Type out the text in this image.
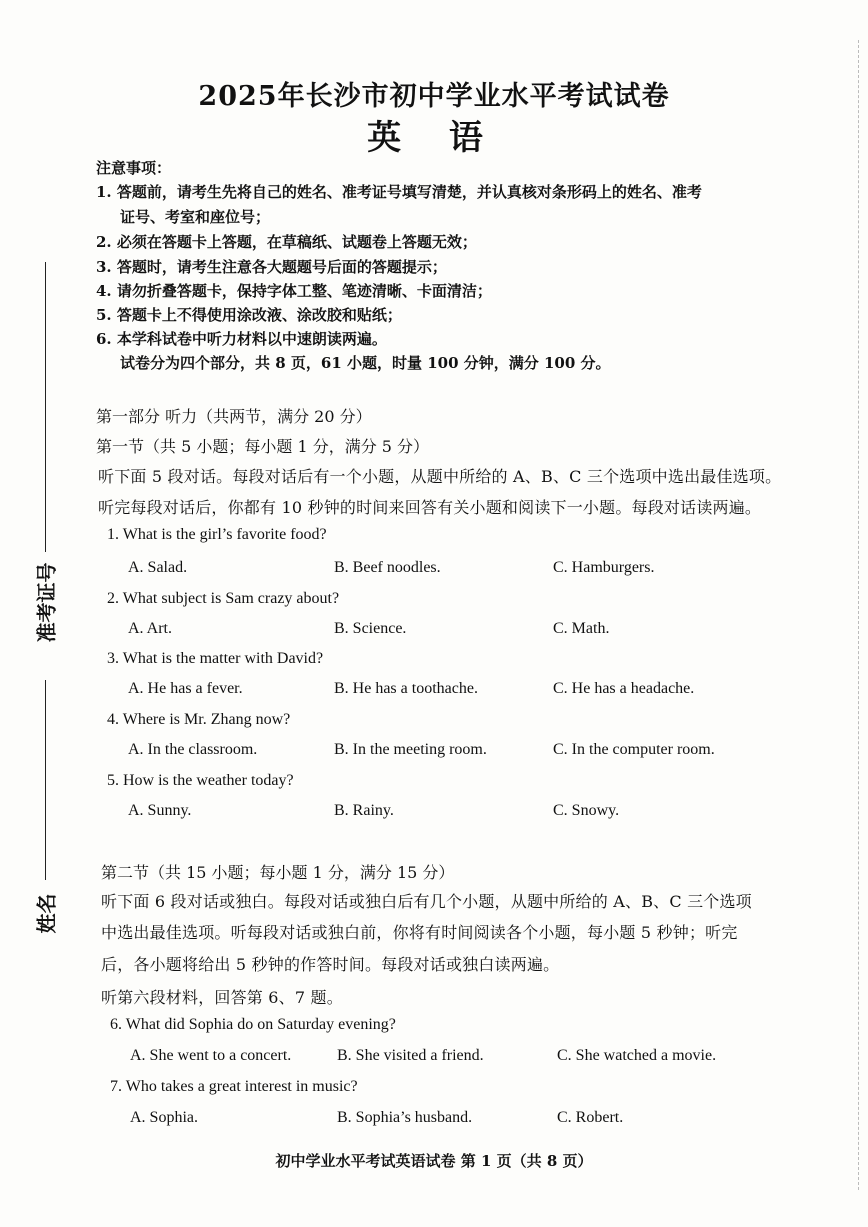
2025年长沙市初中学业水平考试试卷
英 语
注意事项：
1. 答题前，请考生先将自己的姓名、准考证号填写清楚，并认真核对条形码上的姓名、准考
证号、考室和座位号；
2. 必须在答题卡上答题，在草稿纸、试题卷上答题无效；
3. 答题时，请考生注意各大题题号后面的答题提示；
4. 请勿折叠答题卡，保持字体工整、笔迹清晰、卡面清洁；
5. 答题卡上不得使用涂改液、涂改胶和贴纸；
6. 本学科试卷中听力材料以中速朗读两遍。
试卷分为四个部分，共 8 页，61 小题，时量 100 分钟，满分 100 分。
第一部分 听力（共两节，满分 20 分）
第一节（共 5 小题；每小题 1 分，满分 5 分）
听下面 5 段对话。每段对话后有一个小题，从题中所给的 A、B、C 三个选项中选出最佳选项。
听完每段对话后，你都有 10 秒钟的时间来回答有关小题和阅读下一小题。每段对话读两遍。
1. What is the girl’s favorite food?
A. Salad.	B. Beef noodles.	C. Hamburgers.
2. What subject is Sam crazy about?
A. Art.	B. Science.	C. Math.
3. What is the matter with David?
A. He has a fever.	B. He has a toothache.	C. He has a headache.
4. Where is Mr. Zhang now?
A. In the classroom.	B. In the meeting room.	C. In the computer room.
5. How is the weather today?
A. Sunny.	B. Rainy.	C. Snowy.
第二节（共 15 小题；每小题 1 分，满分 15 分）
听下面 6 段对话或独白。每段对话或独白后有几个小题，从题中所给的 A、B、C 三个选项
中选出最佳选项。听每段对话或独白前，你将有时间阅读各个小题，每小题 5 秒钟；听完
后，各小题将给出 5 秒钟的作答时间。每段对话或独白读两遍。
听第六段材料，回答第 6、7 题。
6. What did Sophia do on Saturday evening?
A. She went to a concert.	B. She visited a friend.	C. She watched a movie.
7. Who takes a great interest in music?
A. Sophia.	B. Sophia’s husband.	C. Robert.
初中学业水平考试英语试卷 第 1 页（共 8 页）
准考证号
姓名
